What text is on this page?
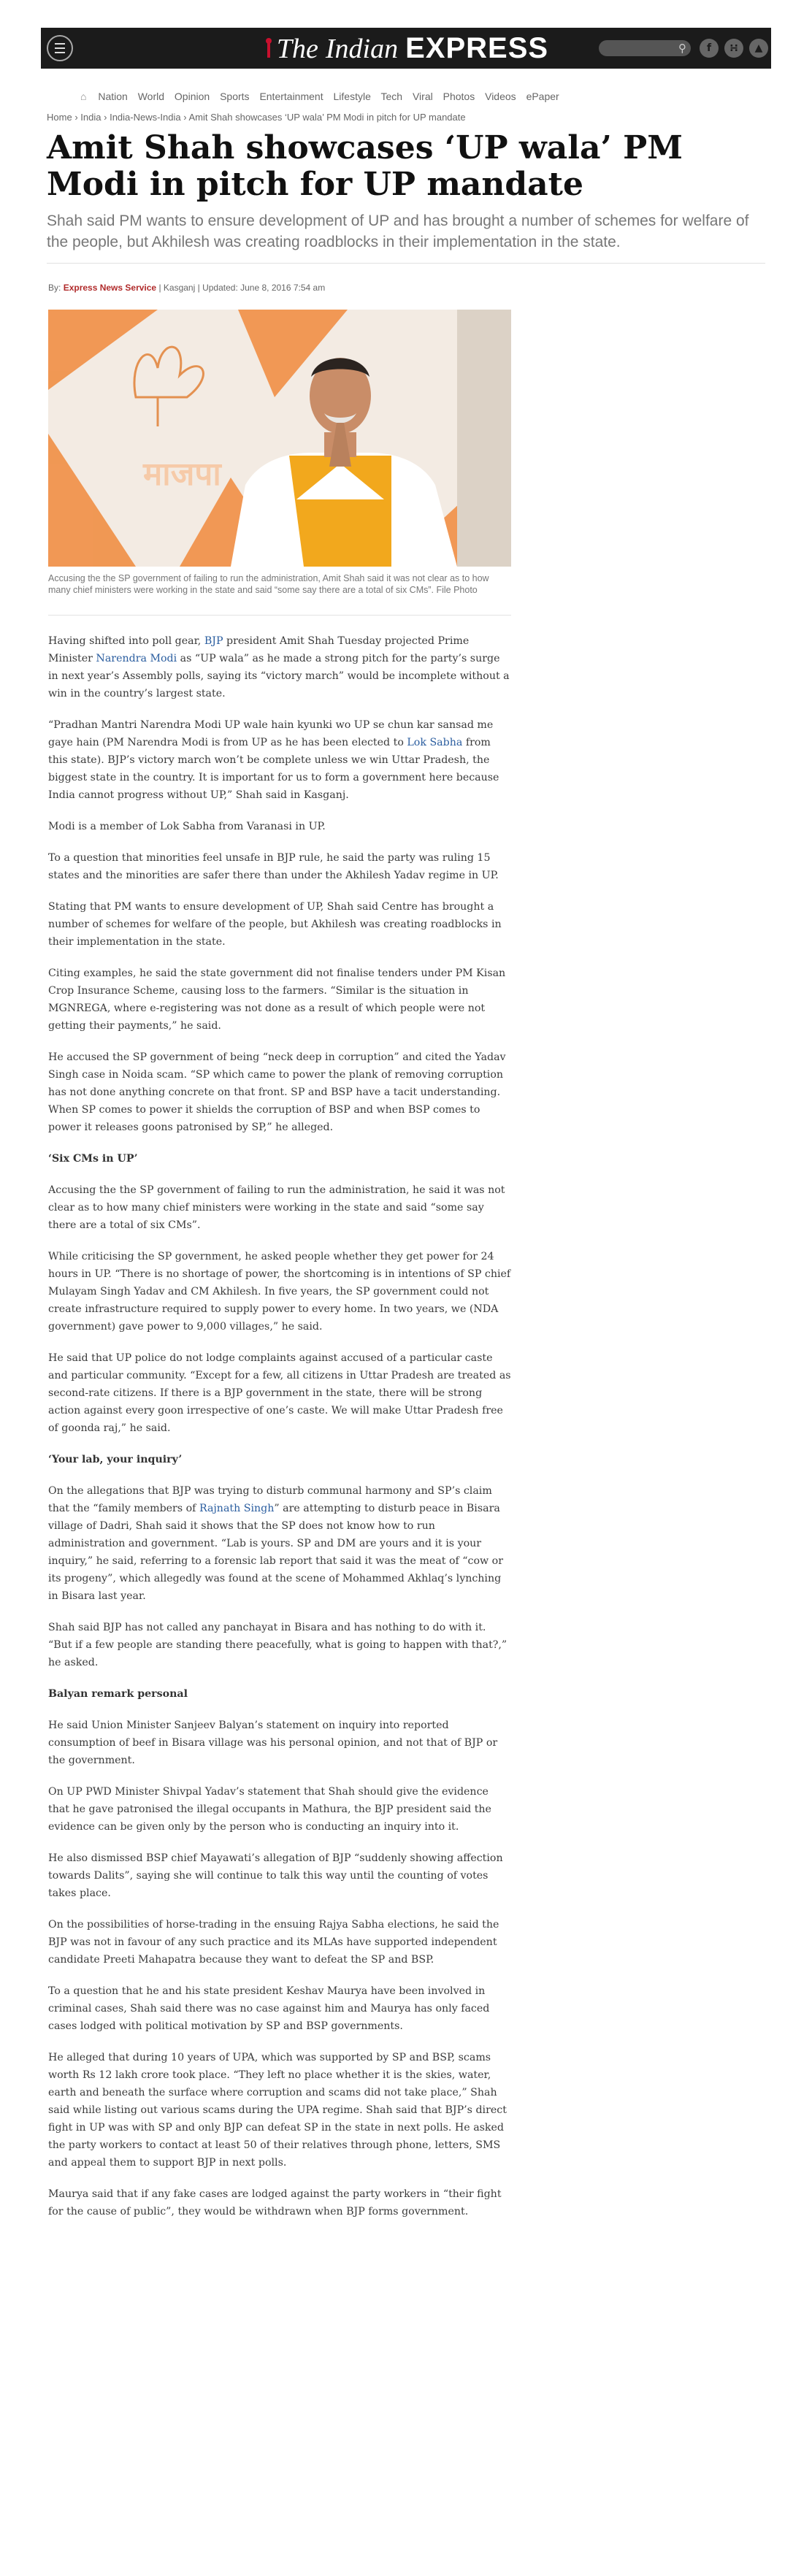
The Indian EXPRESS	⚲	f	∺	▲
⌂ Nation World Opinion Sports Entertainment Lifestyle Tech Viral Photos Videos ePaper
Home › India › India-News-India › Amit Shah showcases ‘UP wala’ PM Modi in pitch for UP mandate
Amit Shah showcases ‘UP wala’ PM Modi in pitch for UP mandate

Shah said PM wants to ensure development of UP and has brought a number of schemes for welfare of the people, but Akhilesh was creating roadblocks in their implementation in the state.

By: Express News Service | Kasganj | Updated: June 8, 2016 7:54 am
माजपा
Accusing the the SP government of failing to run the administration, Amit Shah said it was not clear as to how many chief ministers were working in the state and said “some say there are a total of six CMs”. File Photo

Having shifted into poll gear, BJP president Amit Shah Tuesday projected Prime Minister Narendra Modi as “UP wala” as he made a strong pitch for the party’s surge in next year’s Assembly polls, saying its “victory march” would be incomplete without a win in the country’s largest state.

“Pradhan Mantri Narendra Modi UP wale hain kyunki wo UP se chun kar sansad me gaye hain (PM Narendra Modi is from UP as he has been elected to Lok Sabha from this state). BJP’s victory march won’t be complete unless we win Uttar Pradesh, the biggest state in the country. It is important for us to form a government here because India cannot progress without UP,” Shah said in Kasganj.

Modi is a member of Lok Sabha from Varanasi in UP.

To a question that minorities feel unsafe in BJP rule, he said the party was ruling 15 states and the minorities are safer there than under the Akhilesh Yadav regime in UP.

Stating that PM wants to ensure development of UP, Shah said Centre has brought a number of schemes for welfare of the people, but Akhilesh was creating roadblocks in their implementation in the state.

Citing examples, he said the state government did not finalise tenders under PM Kisan Crop Insurance Scheme, causing loss to the farmers. “Similar is the situation in MGNREGA, where e-registering was not done as a result of which people were not getting their payments,” he said.

He accused the SP government of being “neck deep in corruption” and cited the Yadav Singh case in Noida scam. “SP which came to power the plank of removing corruption has not done anything concrete on that front. SP and BSP have a tacit understanding. When SP comes to power it shields the corruption of BSP and when BSP comes to power it releases goons patronised by SP,” he alleged.

‘Six CMs in UP’

Accusing the the SP government of failing to run the administration, he said it was not clear as to how many chief ministers were working in the state and said “some say there are a total of six CMs”.

While criticising the SP government, he asked people whether they get power for 24 hours in UP. “There is no shortage of power, the shortcoming is in intentions of SP chief Mulayam Singh Yadav and CM Akhilesh. In five years, the SP government could not create infrastructure required to supply power to every home. In two years, we (NDA government) gave power to 9,000 villages,” he said.

He said that UP police do not lodge complaints against accused of a particular caste and particular community. “Except for a few, all citizens in Uttar Pradesh are treated as second-rate citizens. If there is a BJP government in the state, there will be strong action against every goon irrespective of one’s caste. We will make Uttar Pradesh free of goonda raj,” he said.

‘Your lab, your inquiry’

On the allegations that BJP was trying to disturb communal harmony and SP’s claim that the “family members of Rajnath Singh” are attempting to disturb peace in Bisara village of Dadri, Shah said it shows that the SP does not know how to run administration and government. “Lab is yours. SP and DM are yours and it is your inquiry,” he said, referring to a forensic lab report that said it was the meat of “cow or its progeny”, which allegedly was found at the scene of Mohammed Akhlaq’s lynching in Bisara last year.

Shah said BJP has not called any panchayat in Bisara and has nothing to do with it. “But if a few people are standing there peacefully, what is going to happen with that?,” he asked.

Balyan remark personal

He said Union Minister Sanjeev Balyan’s statement on inquiry into reported consumption of beef in Bisara village was his personal opinion, and not that of BJP or the government.

On UP PWD Minister Shivpal Yadav’s statement that Shah should give the evidence that he gave patronised the illegal occupants in Mathura, the BJP president said the evidence can be given only by the person who is conducting an inquiry into it.

He also dismissed BSP chief Mayawati’s allegation of BJP “suddenly showing affection towards Dalits”, saying she will continue to talk this way until the counting of votes takes place.

On the possibilities of horse-trading in the ensuing Rajya Sabha elections, he said the BJP was not in favour of any such practice and its MLAs have supported independent candidate Preeti Mahapatra because they want to defeat the SP and BSP.

To a question that he and his state president Keshav Maurya have been involved in criminal cases, Shah said there was no case against him and Maurya has only faced cases lodged with political motivation by SP and BSP governments.

He alleged that during 10 years of UPA, which was supported by SP and BSP, scams worth Rs 12 lakh crore took place. “They left no place whether it is the skies, water, earth and beneath the surface where corruption and scams did not take place,” Shah said while listing out various scams during the UPA regime. Shah said that BJP’s direct fight in UP was with SP and only BJP can defeat SP in the state in next polls. He asked the party workers to contact at least 50 of their relatives through phone, letters, SMS and appeal them to support BJP in next polls.

Maurya said that if any fake cases are lodged against the party workers in “their fight for the cause of public”, they would be withdrawn when BJP forms government.
